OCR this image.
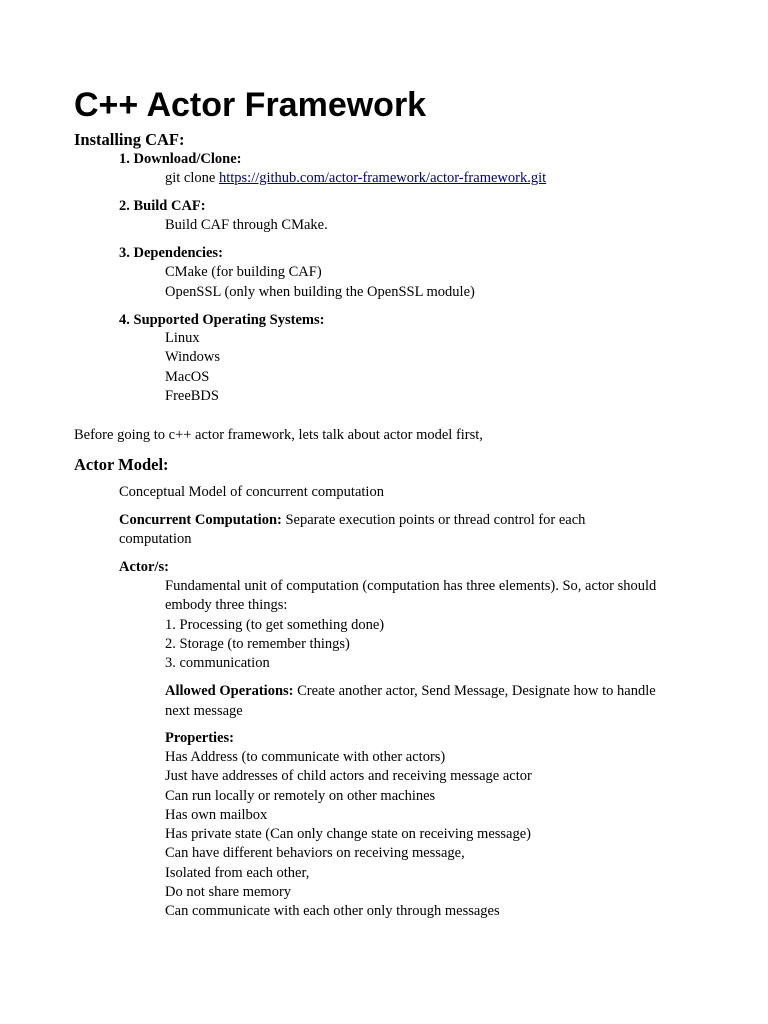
C++ Actor Framework
Installing CAF:
1. Download/Clone:
git clone https://github.com/actor-framework/actor-framework.git
2. Build CAF:
Build CAF through CMake.
3. Dependencies:
CMake (for building CAF)
OpenSSL (only when building the OpenSSL module)
4. Supported Operating Systems:
Linux
Windows
MacOS
FreeBDS
Before going to c++ actor framework, lets talk about actor model first,
Actor Model:
Conceptual Model of concurrent computation
Concurrent Computation: Separate execution points or thread control for each
computation
Actor/s:
Fundamental unit of computation (computation has three elements). So, actor should
embody three things:
1. Processing (to get something done)
2. Storage (to remember things)
3. communication
Allowed Operations: Create another actor, Send Message, Designate how to handle
next message
Properties:
Has Address (to communicate with other actors)
Just have addresses of child actors and receiving message actor
Can run locally or remotely on other machines
Has own mailbox
Has private state (Can only change state on receiving message)
Can have different behaviors on receiving message,
Isolated from each other,
Do not share memory
Can communicate with each other only through messages
